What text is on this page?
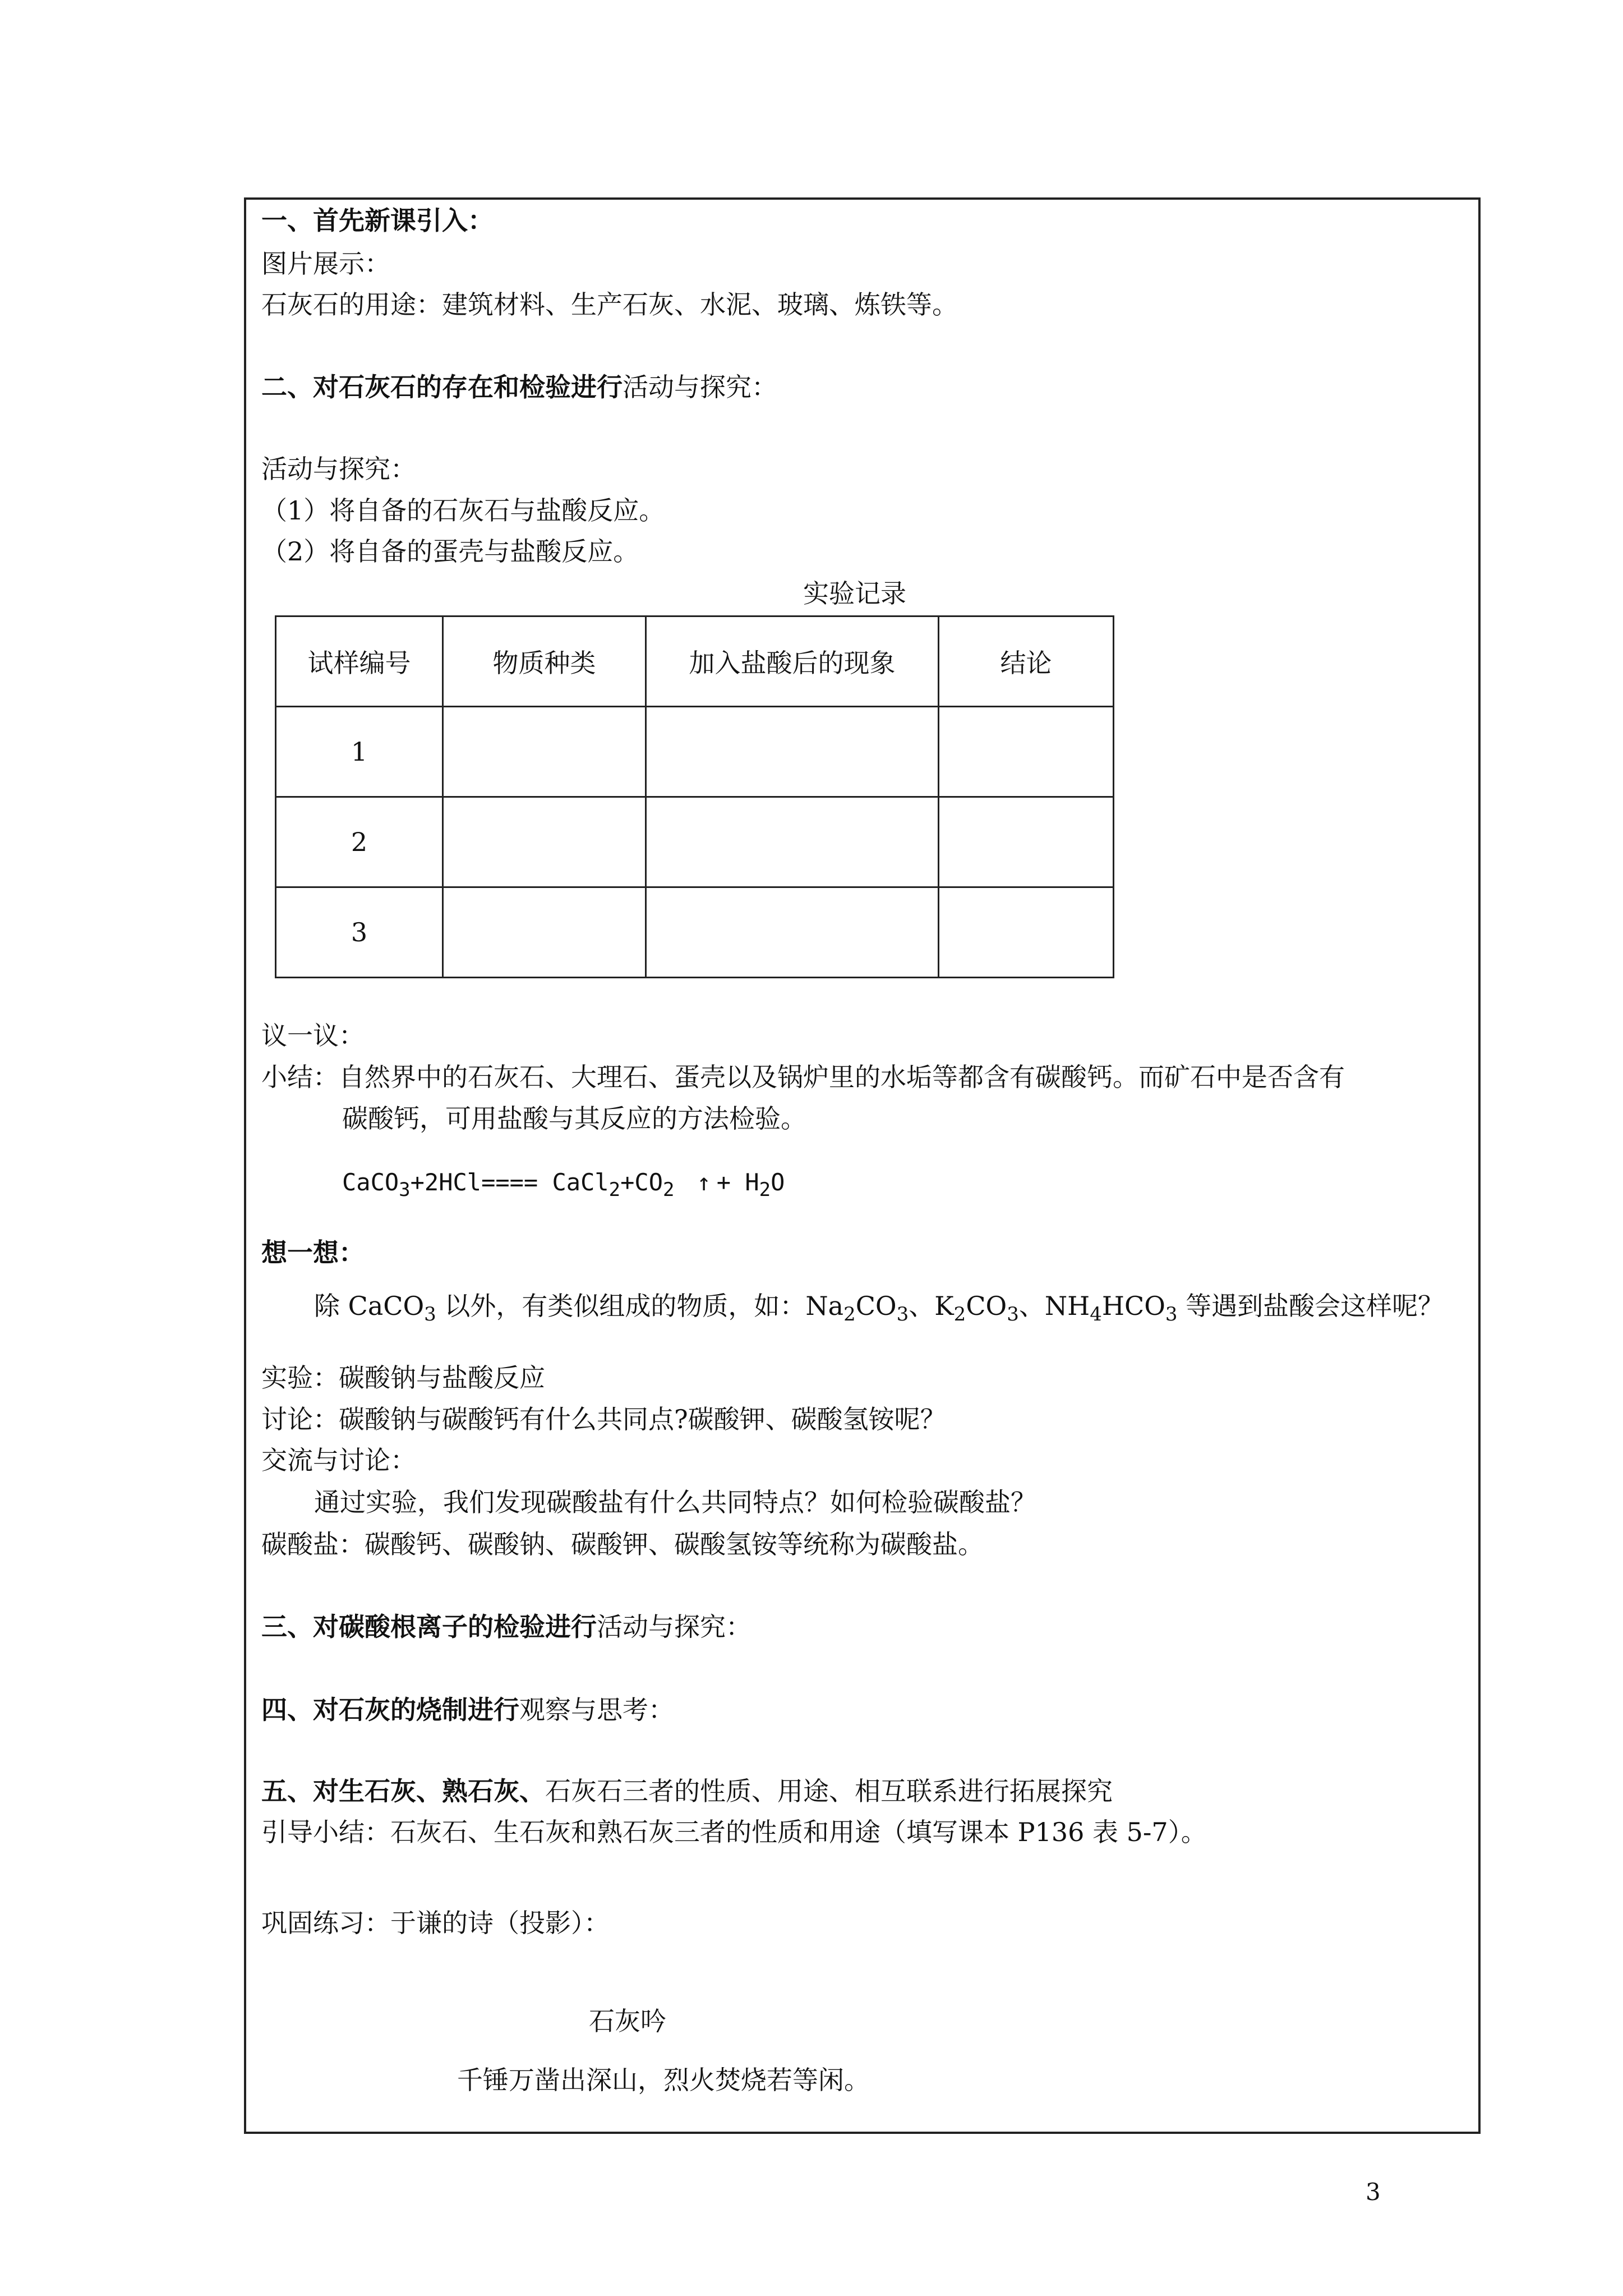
一、首先新课引入：
图片展示：
石灰石的用途：建筑材料、生产石灰、水泥、玻璃、炼铁等。
二、对石灰石的存在和检验进行活动与探究：
活动与探究：
（1）将自备的石灰石与盐酸反应。
（2）将自备的蛋壳与盐酸反应。
实验记录
试样编号	物质种类	加入盐酸后的现象	结论
1			
2			
3			
议一议：
小结：自然界中的石灰石、大理石、蛋壳以及锅炉里的水垢等都含有碳酸钙。而矿石中是否含有
碳酸钙，可用盐酸与其反应的方法检验。
CaCO$_3$+2HCl==== $CaCl_2+CO_2$ ↑ + $H_2O$
想一想：
除 CaCO$_3$ 以外，有类似组成的物质，如：$Na_2CO_3$、$K_2CO_3$、$NH_4HCO_3$ 等遇到盐酸会这样呢？
实验：碳酸钠与盐酸反应
讨论：碳酸钠与碳酸钙有什么共同点?碳酸钾、碳酸氢铵呢？
交流与讨论：
通过实验，我们发现碳酸盐有什么共同特点？如何检验碳酸盐？
碳酸盐：碳酸钙、碳酸钠、碳酸钾、碳酸氢铵等统称为碳酸盐。
三、对碳酸根离子的检验进行活动与探究：
四、对石灰的烧制进行观察与思考：
五、对生石灰、熟石灰、石灰石三者的性质、用途、相互联系进行拓展探究
引导小结：石灰石、生石灰和熟石灰三者的性质和用途（填写课本 P136 表 5-7）。
巩固练习：于谦的诗（投影）：
石灰吟
千锤万凿出深山，烈火焚烧若等闲。
3
